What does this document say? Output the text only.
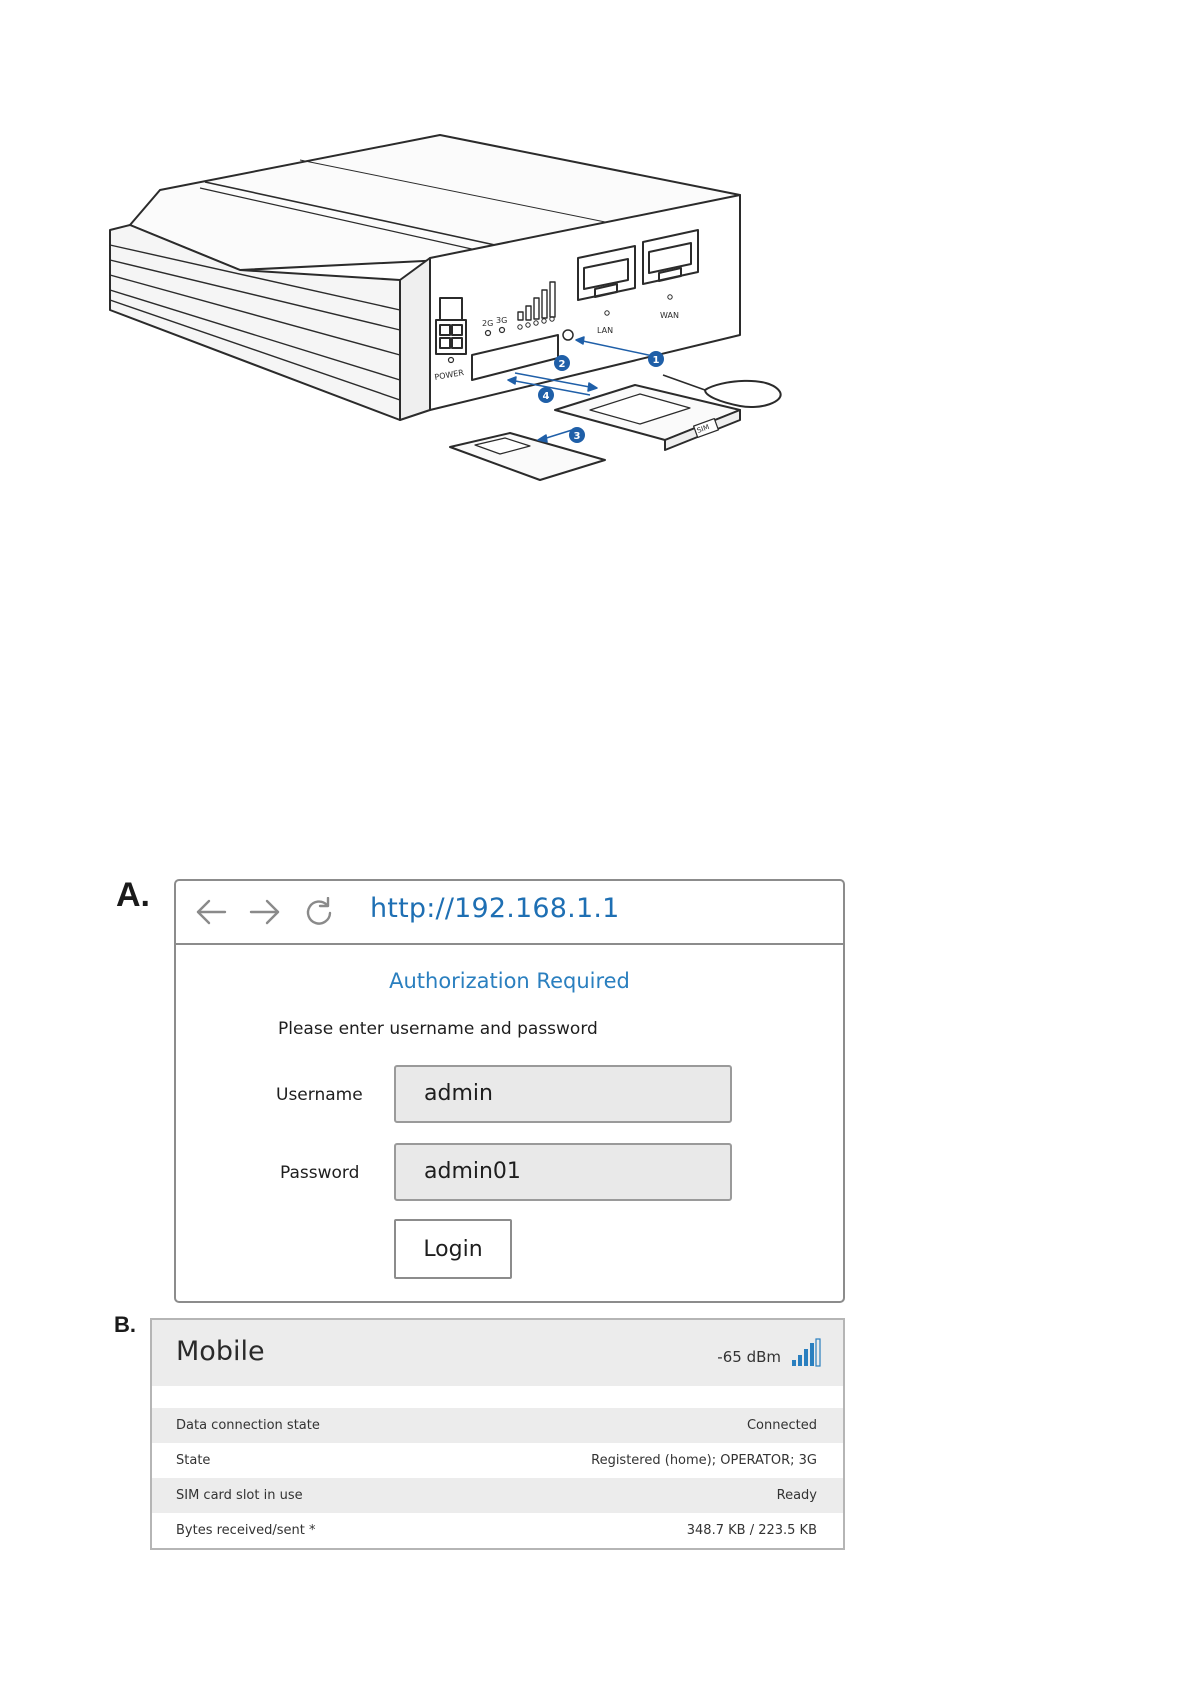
POWER
2G 3G
LAN
WAN
SIM
1
2
3
4
A.	http://192.168.1.1
Authorization Required
Please enter username and password
Username	admin
Password	admin01
Login
B.
Mobile	-65 dBm
Data connection state	Connected
State	Registered (home); OPERATOR; 3G
SIM card slot in use	Ready
Bytes received/sent *	348.7 KB / 223.5 KB
